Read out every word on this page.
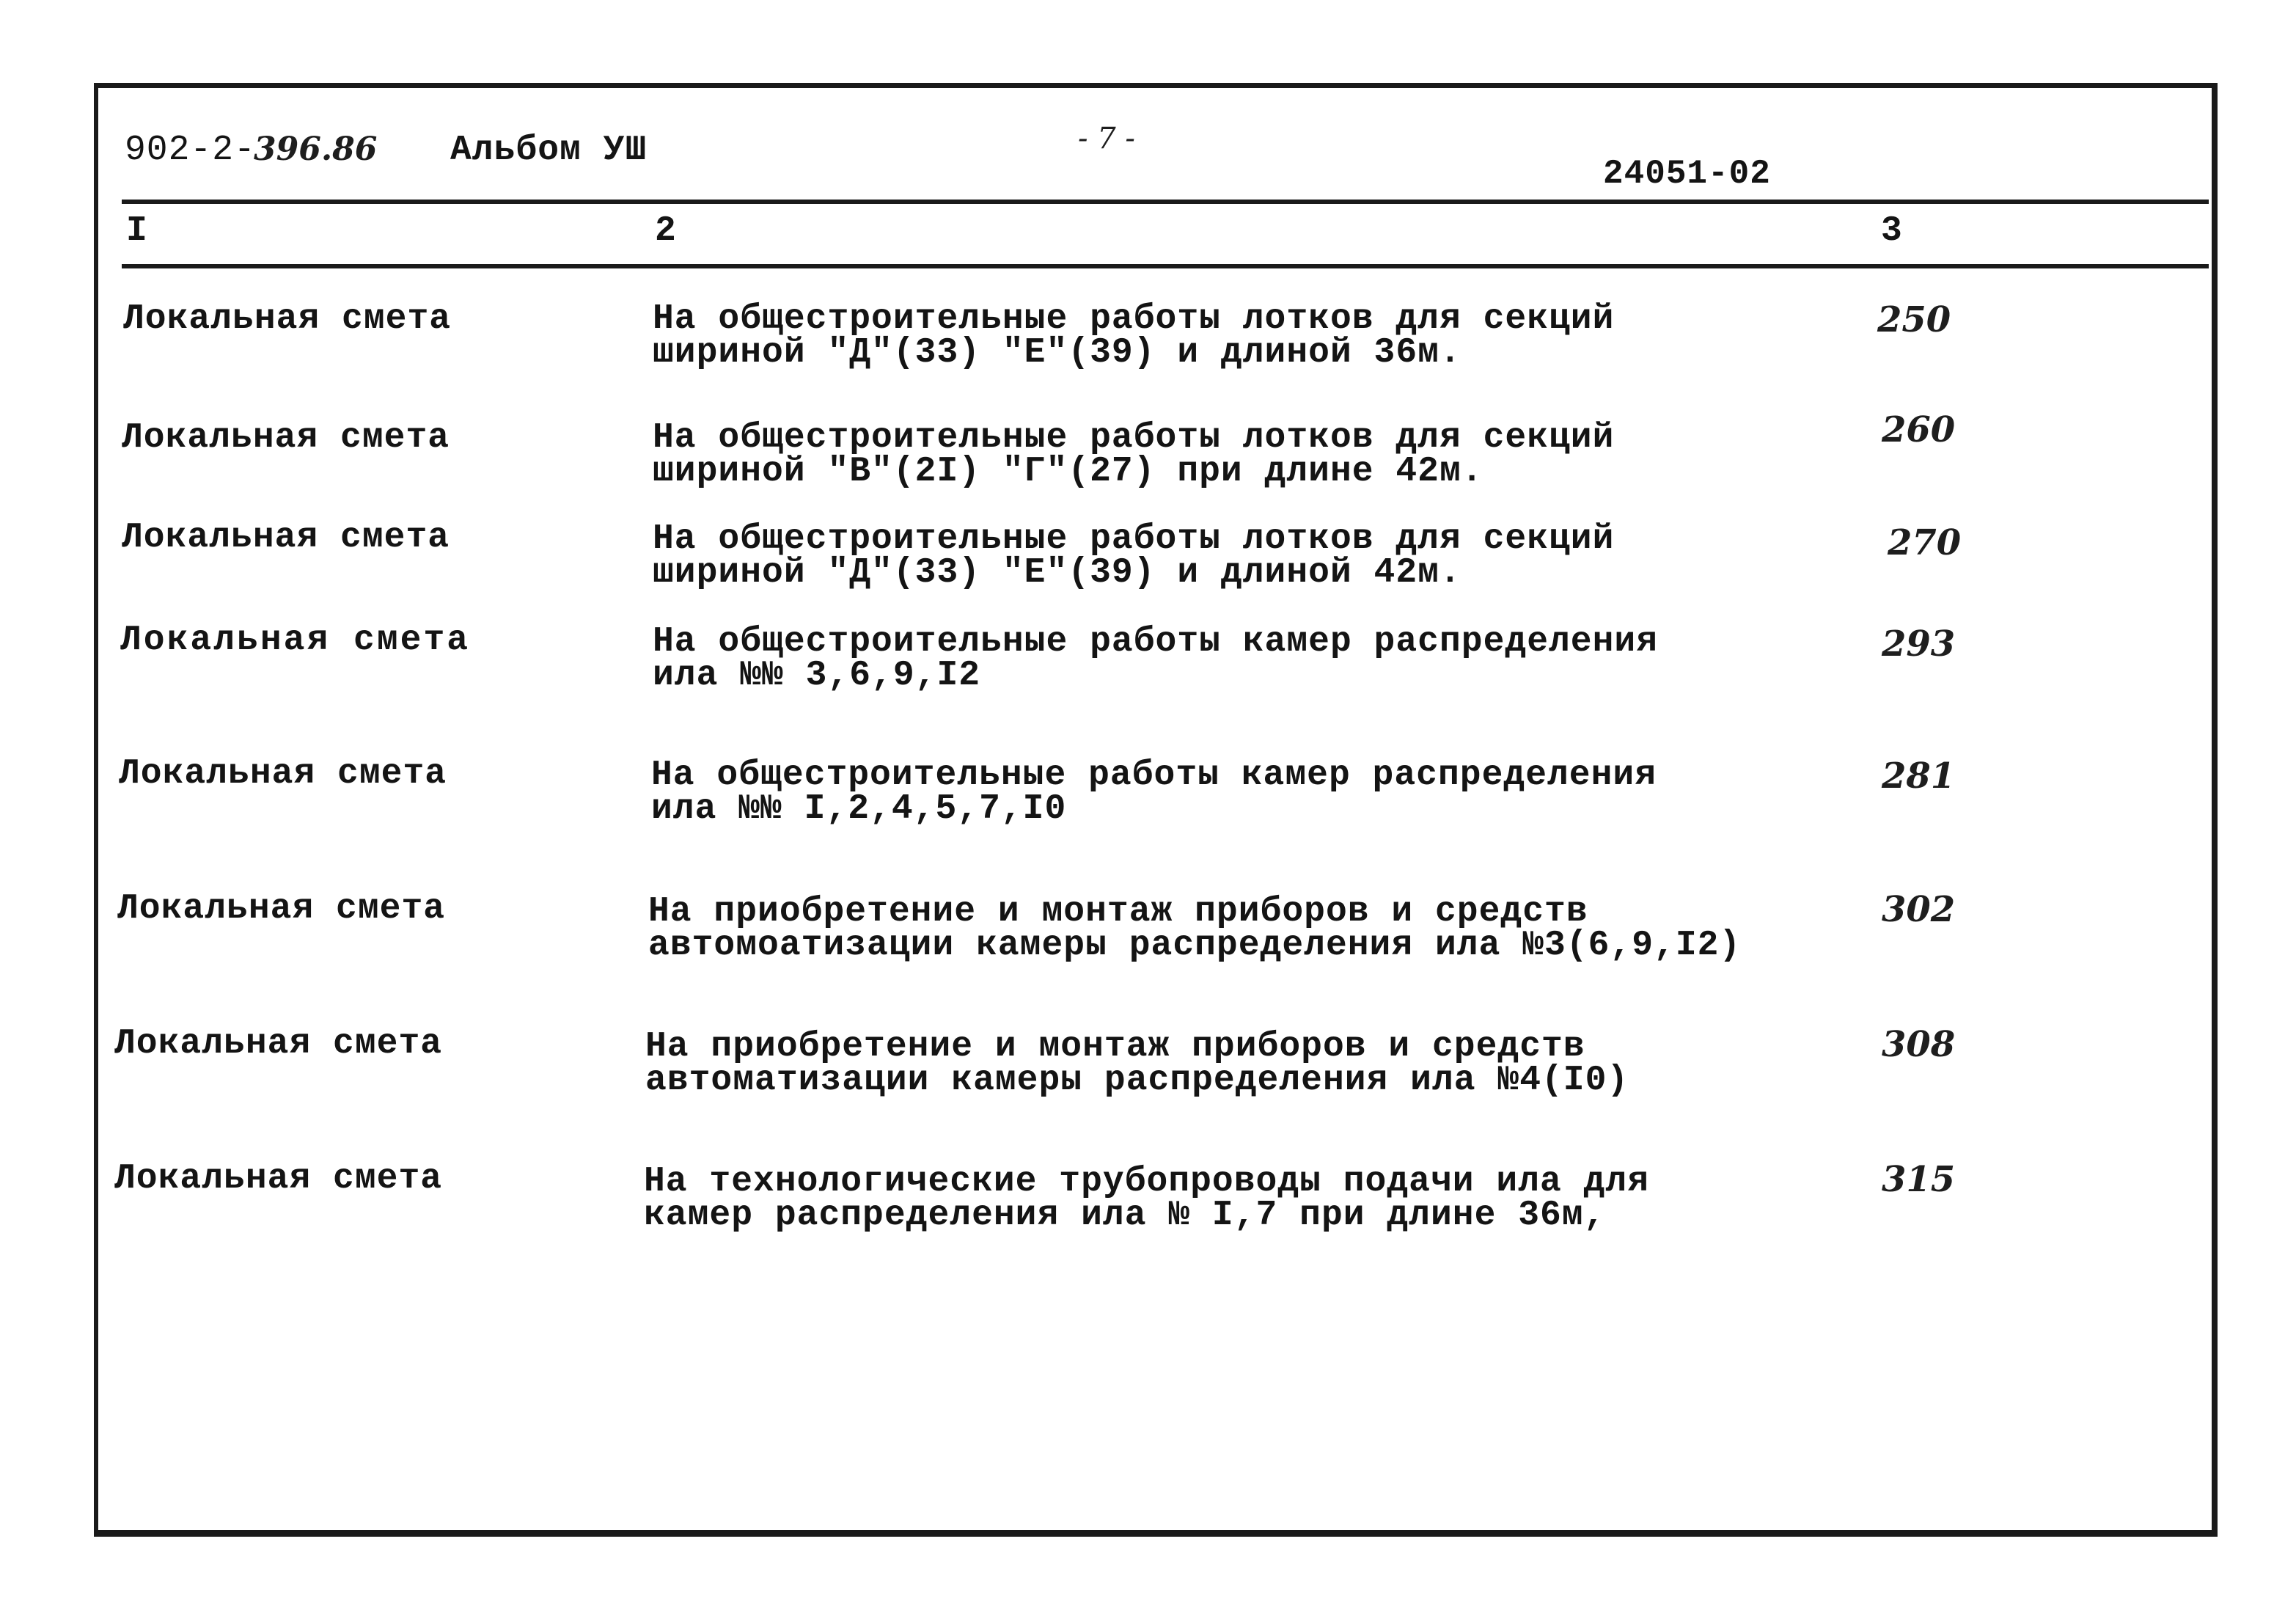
902-2-
396.86 Альбом УШ	- 7 -
24051-02
I	2	3
Локальная смета	На общестроительные работы лотков для секций
шириной "Д"(33) "Е"(39) и длиной 36м.
250
Локальная смета	На общестроительные работы лотков для секций
шириной "В"(2I) "Г"(27) при длине 42м.
260
Локальная смета	На общестроительные работы лотков для секций
шириной "Д"(33) "Е"(39) и длиной 42м.
270
Локальная смета	На общестроительные работы камер распределения
ила №№ 3,6,9,I2
293
Локальная смета	На общестроительные работы камер распределения
ила №№ I,2,4,5,7,I0
281
Локальная смета	На приобретение и монтаж приборов и средств
автомоатизации камеры распределения ила №3(6,9,I2)
302
Локальная смета	На приобретение и монтаж приборов и средств
автоматизации камеры распределения ила №4(I0)
308
Локальная смета	На технологические трубопроводы подачи ила для
камер распределения ила № I,7 при длине 36м,
315
